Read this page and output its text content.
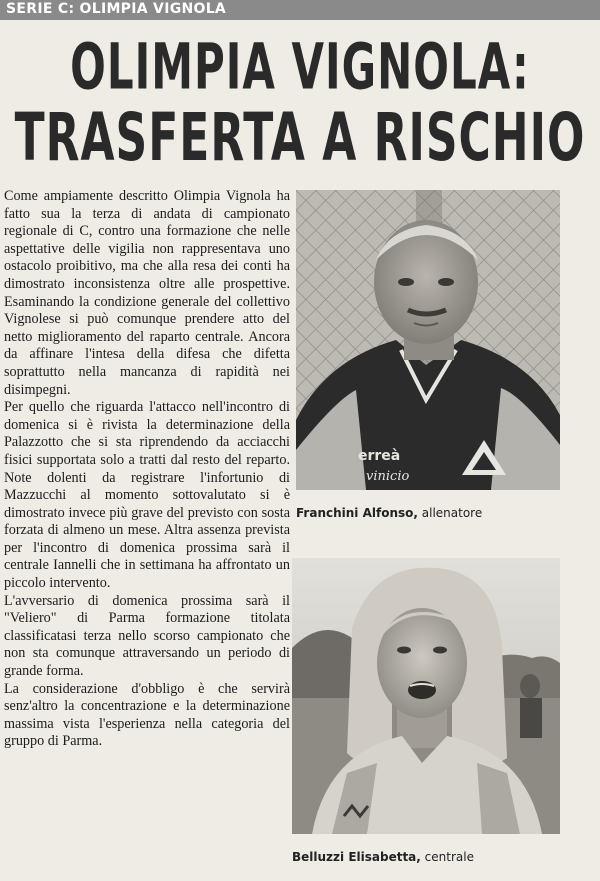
SERIE C: OLIMPIA VIGNOLA
OLIMPIA VIGNOLA:
TRASFERTA A RISCHIO

Come ampiamente descritto Olimpia Vignola ha fatto sua la terza di andata di campionato regionale di C, contro una formazione che nelle aspettative delle vigilia non rappresentava uno ostacolo proibitivo, ma che alla resa dei conti ha dimostrato inconsistenza oltre alle prospettive. Esaminando la condizione generale del collettivo Vignolese si può comunque prendere atto del netto miglioramento del raparto centrale. Ancora da affinare l'intesa della difesa che difetta soprattutto nella mancanza di rapidità nei disimpegni.

Per quello che riguarda l'attacco nell'incontro di domenica si è rivista la determinazione della Palazzotto che si sta riprendendo da acciacchi fisici supportata solo a tratti dal resto del reparto. Note dolenti da registrare l'infortunio di Mazzucchi al momento sottovalutato si è dimostrato invece più grave del previsto con sosta forzata di almeno un mese. Altra assenza prevista per l'incontro di domenica prossima sarà il centrale Iannelli che in settimana ha affrontato un piccolo intervento.

L'avversario di domenica prossima sarà il "Veliero" di Parma formazione titolata classificatasi terza nello scorso campionato che non sta comunque attraversando un periodo di grande forma.

La considerazione d'obbligo è che servirà senz'altro la concentrazione e la determinazione massima vista l'esperienza nella categoria del gruppo di Parma.

erreà
vinicio
Franchini Alfonso, allenatore
Belluzzi Elisabetta, centrale
